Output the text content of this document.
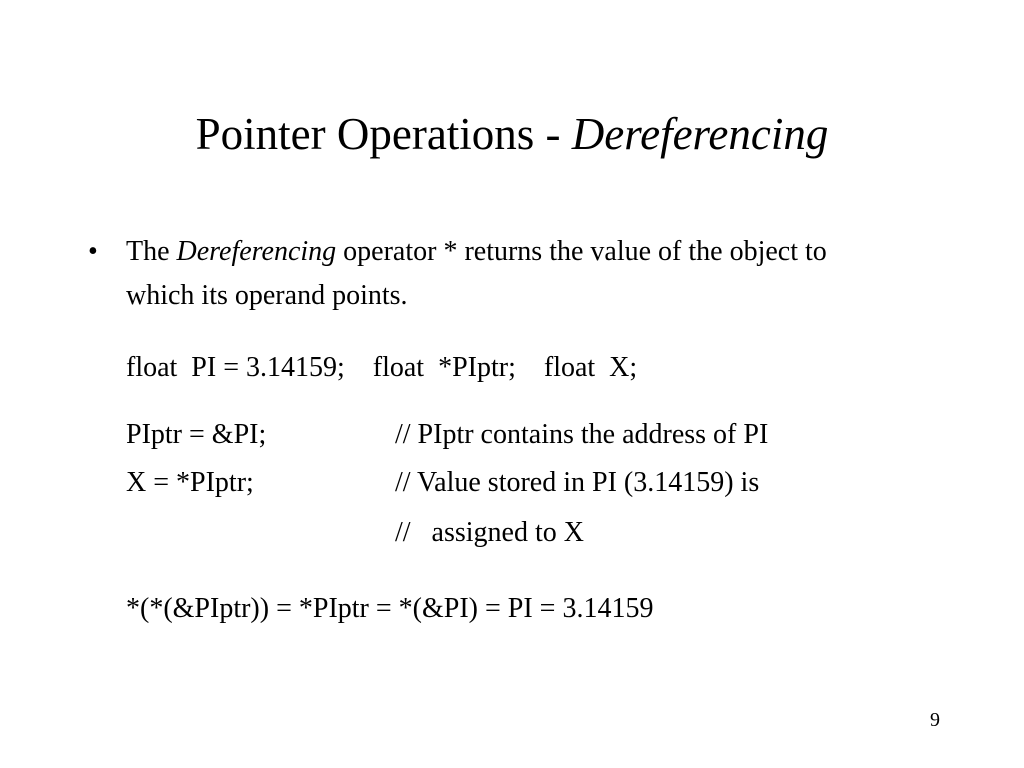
Pointer Operations - Dereferencing
• The Dereferencing operator * returns the value of the object to which its operand points.
float  PI = 3.14159;    float  *PIptr;    float  X;
PIptr = &PI;	// PIptr contains the address of PI
X = *PIptr;	// Value stored in PI (3.14159) is
//   assigned to X
*(*(&PIptr)) = *PIptr = *(&PI) = PI = 3.14159
9
